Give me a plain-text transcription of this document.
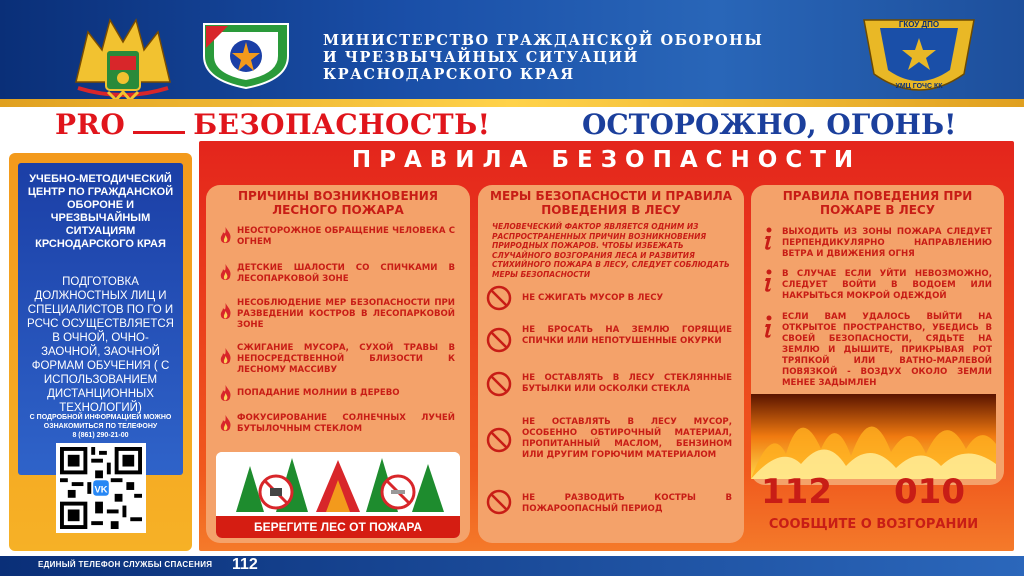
МИНИСТЕРСТВО ГРАЖДАНСКОЙ ОБОРОНЫ
И ЧРЕЗВЫЧАЙНЫХ СИТУАЦИЙ
КРАСНОДАРСКОГО КРАЯ
ГКОУ ДПО
УМЦ ГОЧС КК
PRO БЕЗОПАСНОСТЬ!	ОСТОРОЖНО, ОГОНЬ!
УЧЕБНО-МЕТОДИЧЕСКИЙ ЦЕНТР ПО ГРАЖДАНСКОЙ ОБОРОНЕ И ЧРЕЗВЫЧАЙНЫМ СИТУАЦИЯМ КРСНОДАРСКОГО КРАЯ
ПОДГОТОВКА ДОЛЖНОСТНЫХ ЛИЦ И СПЕЦИАЛИСТОВ ПО ГО И РСЧС ОСУЩЕСТВЛЯЕТСЯ В ОЧНОЙ, ОЧНО-ЗАОЧНОЙ, ЗАОЧНОЙ ФОРМАМ ОБУЧЕНИЯ ( С ИСПОЛЬЗОВАНИЕМ ДИСТАНЦИОННЫХ ТЕХНОЛОГИЙ)
С ПОДРОБНОЙ ИНФОРМАЦИЕЙ МОЖНО ОЗНАКОМИТЬСЯ ПО ТЕЛЕФОНУ
8 (861) 290-21-00
VK
ПРАВИЛА БЕЗОПАСНОСТИ
ПРИЧИНЫ ВОЗНИКНОВЕНИЯ ЛЕСНОГО ПОЖАРА
НЕОСТОРОЖНОЕ ОБРАЩЕНИЕ ЧЕЛОВЕКА С ОГНЕМ
ДЕТСКИЕ ШАЛОСТИ СО СПИЧКАМИ В ЛЕСОПАРКОВОЙ ЗОНЕ
НЕСОБЛЮДЕНИЕ МЕР БЕЗОПАСНОСТИ ПРИ РАЗВЕДЕНИИ КОСТРОВ В ЛЕСОПАРКОВОЙ ЗОНЕ
СЖИГАНИЕ МУСОРА, СУХОЙ ТРАВЫ В НЕПОСРЕДСТВЕННОЙ БЛИЗОСТИ К ЛЕСНОМУ МАССИВУ
ПОПАДАНИЕ МОЛНИИ В ДЕРЕВО
ФОКУСИРОВАНИЕ СОЛНЕЧНЫХ ЛУЧЕЙ БУТЫЛОЧНЫМ СТЕКЛОМ
БЕРЕГИТЕ ЛЕС ОТ ПОЖАРА
МЕРЫ БЕЗОПАСНОСТИ И ПРАВИЛА ПОВЕДЕНИЯ В ЛЕСУ
ЧЕЛОВЕЧЕСКИЙ ФАКТОР ЯВЛЯЕТСЯ ОДНИМ ИЗ РАСПРОСТРАНЕННЫХ ПРИЧИН ВОЗНИКНОВЕНИЯ ПРИРОДНЫХ ПОЖАРОВ. ЧТОБЫ ИЗБЕЖАТЬ СЛУЧАЙНОГО ВОЗГОРАНИЯ ЛЕСА И РАЗВИТИЯ СТИХИЙНОГО ПОЖАРА В ЛЕСУ, СЛЕДУЕТ СОБЛЮДАТЬ МЕРЫ БЕЗОПАСНОСТИ
НЕ СЖИГАТЬ МУСОР В ЛЕСУ
НЕ БРОСАТЬ НА ЗЕМЛЮ ГОРЯЩИЕ СПИЧКИ ИЛИ НЕПОТУШЕННЫЕ ОКУРКИ
НЕ ОСТАВЛЯТЬ В ЛЕСУ СТЕКЛЯННЫЕ БУТЫЛКИ ИЛИ ОСКОЛКИ СТЕКЛА
НЕ ОСТАВЛЯТЬ В ЛЕСУ МУСОР, ОСОБЕННО ОБТИРОЧНЫЙ МАТЕРИАЛ, ПРОПИТАННЫЙ МАСЛОМ, БЕНЗИНОМ ИЛИ ДРУГИМ ГОРЮЧИМ МАТЕРИАЛОМ
НЕ РАЗВОДИТЬ КОСТРЫ В ПОЖАРООПАСНЫЙ ПЕРИОД
ПРАВИЛА ПОВЕДЕНИЯ ПРИ ПОЖАРЕ В ЛЕСУ
ВЫХОДИТЬ ИЗ ЗОНЫ ПОЖАРА СЛЕДУЕТ ПЕРПЕНДИКУЛЯРНО НАПРАВЛЕНИЮ ВЕТРА И ДВИЖЕНИЯ ОГНЯ
В СЛУЧАЕ ЕСЛИ УЙТИ НЕВОЗМОЖНО, СЛЕДУЕТ ВОЙТИ В ВОДОЕМ ИЛИ НАКРЫТЬСЯ МОКРОЙ ОДЕЖДОЙ
ЕСЛИ ВАМ УДАЛОСЬ ВЫЙТИ НА ОТКРЫТОЕ ПРОСТРАНСТВО, УБЕДИСЬ В СВОЕЙ БЕЗОПАСНОСТИ, СЯДЬТЕ НА ЗЕМЛЮ И ДЫШИТЕ, ПРИКРЫВАЯ РОТ ТРЯПКОЙ ИЛИ ВАТНО-МАРЛЕВОЙ ПОВЯЗКОЙ - ВОЗДУХ ОКОЛО ЗЕМЛИ МЕНЕЕ ЗАДЫМЛЕН
112 010
СООБЩИТЕ О ВОЗГОРАНИИ
ЕДИНЫЙ ТЕЛЕФОН СЛУЖБЫ СПАСЕНИЯ 112
